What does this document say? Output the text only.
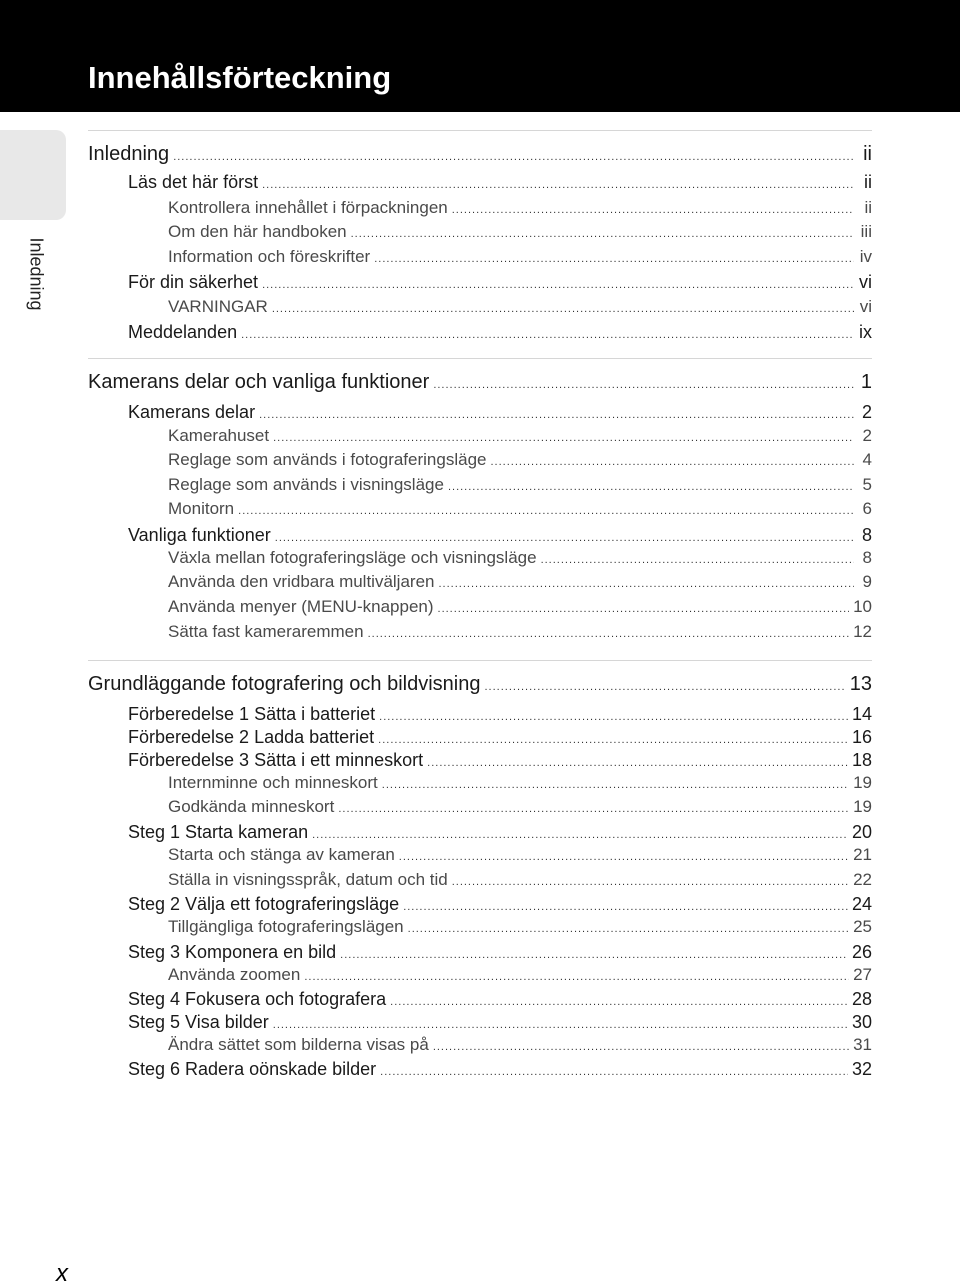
Innehållsförteckning
Inledning
Inledning .....	ii
Läs det här först .....	ii
Kontrollera innehållet i förpackningen .....	ii
Om den här handboken .....	iii
Information och föreskrifter .....	iv
För din säkerhet .....	vi
VARNINGAR .....	vi
Meddelanden .....	ix
Kamerans delar och vanliga funktioner .....	1
Kamerans delar .....	2
Kamerahuset .....	2
Reglage som används i fotograferingsläge .....	4
Reglage som används i visningsläge .....	5
Monitorn .....	6
Vanliga funktioner .....	8
Växla mellan fotograferingsläge och visningsläge .....	8
Använda den vridbara multiväljaren .....	9
Använda menyer (MENU-knappen) .....	10
Sätta fast kameraremmen .....	12
Grundläggande fotografering och bildvisning .....	13
Förberedelse 1 Sätta i batteriet .....	14
Förberedelse 2 Ladda batteriet .....	16
Förberedelse 3 Sätta i ett minneskort .....	18
Internminne och minneskort .....	19
Godkända minneskort .....	19
Steg 1 Starta kameran .....	20
Starta och stänga av kameran .....	21
Ställa in visningsspråk, datum och tid .....	22
Steg 2 Välja ett fotograferingsläge .....	24
Tillgängliga fotograferingslägen .....	25
Steg 3 Komponera en bild .....	26
Använda zoomen .....	27
Steg 4 Fokusera och fotografera .....	28
Steg 5 Visa bilder .....	30
Ändra sättet som bilderna visas på .....	31
Steg 6 Radera oönskade bilder .....	32
x
